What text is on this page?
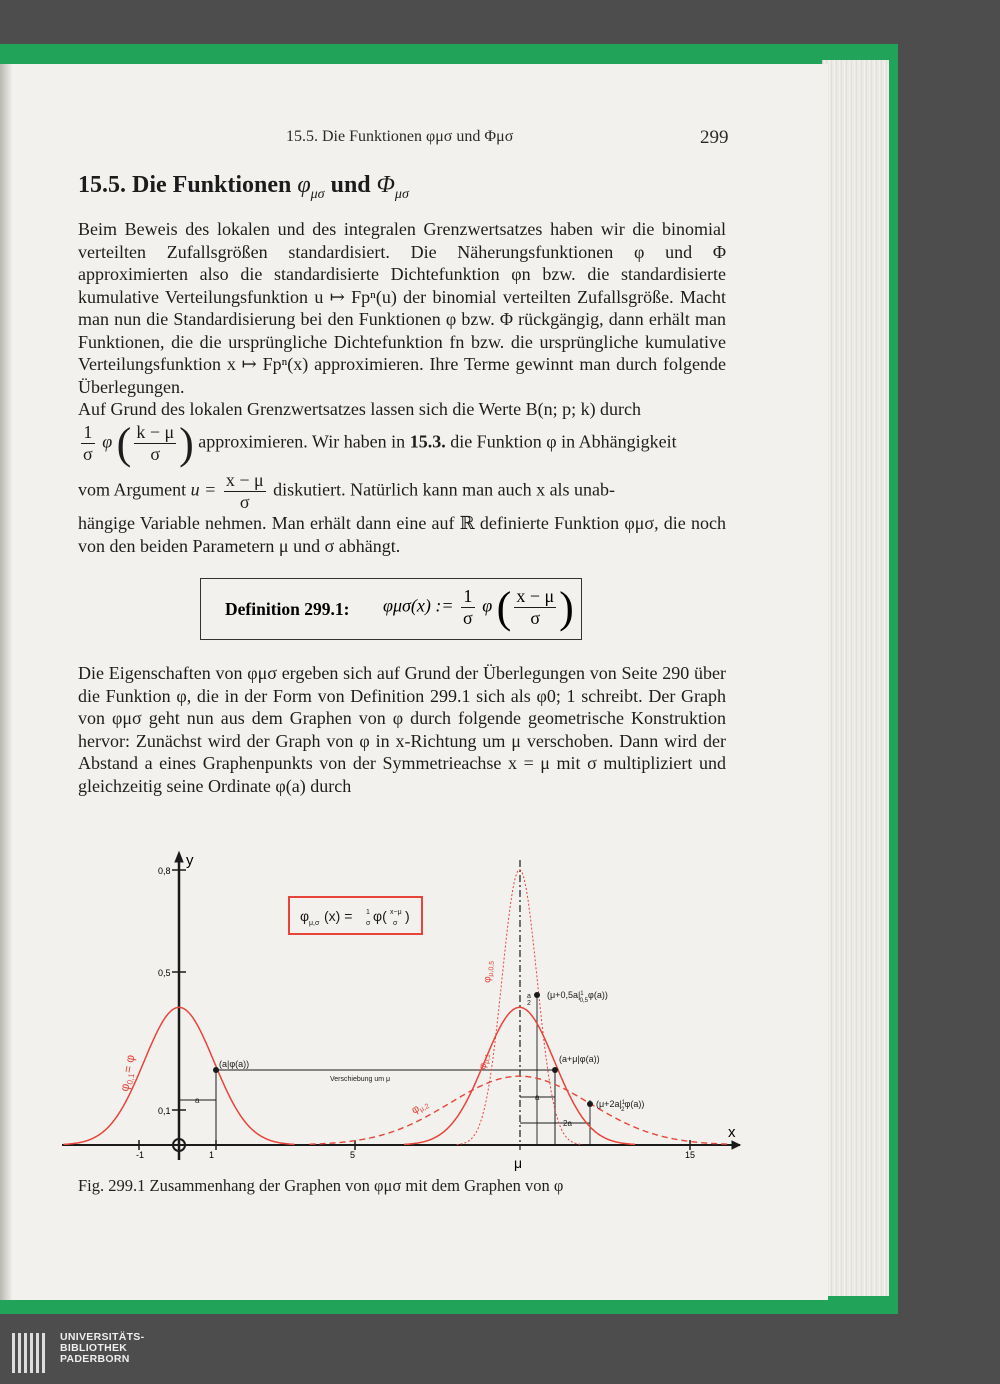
15.5. Die Funktionen φμσ und Φμσ	299
15.5. Die Funktionen $\varphi_{\mu\sigma}$ und $\Phi_{\mu\sigma}$
Beim Beweis des lokalen und des integralen Grenzwertsatzes haben wir die binomial verteilten Zufallsgrößen standardisiert. Die Näherungsfunktionen φ und Φ approximierten also die standardisierte Dichtefunktion φn bzw. die standardisierte kumulative Verteilungsfunktion u ↦ Fpⁿ(u) der binomial verteilten Zufallsgröße. Macht man nun die Standardisierung bei den Funktionen φ bzw. Φ rückgängig, dann erhält man Funktionen, die die ursprüngliche Dichtefunktion fn bzw. die ursprüngliche kumulative Verteilungsfunktion x ↦ Fpⁿ(x) approximieren. Ihre Terme gewinnt man durch folgende Überlegungen.
Auf Grund des lokalen Grenzwertsatzes lassen sich die Werte B(n; p; k) durch
$\frac{1}{\sigma}$ φ ( $\frac{k - \mu}{\sigma}$ ) approximieren. Wir haben in 15.3. die Funktion φ in Abhängigkeit
vom Argument $u = \frac{x - \mu}{\sigma}$ diskutiert. Natürlich kann man auch x als unab-
hängige Variable nehmen. Man erhält dann eine auf ℝ definierte Funktion φμσ, die noch von den beiden Parametern μ und σ abhängt.
Definition 299.1: φμσ(x) := $\frac{1}{\sigma}$ φ ( $\frac{x - \mu}{\sigma}$ )
Die Eigenschaften von φμσ ergeben sich auf Grund der Überlegungen von Seite 290 über die Funktion φ, die in der Form von Definition 299.1 sich als φ0; 1 schreibt. Der Graph von φμσ geht nun aus dem Graphen von φ durch folgende geometrische Konstruktion hervor: Zunächst wird der Graph von φ in x-Richtung um μ verschoben. Dann wird der Abstand a eines Graphenpunkts von der Symmetrieachse x = μ mit σ multipliziert und gleichzeitig seine Ordinate φ(a) durch
y
x
0,8
0,5
0,1
-1	1	5	15
μ
φ μ,σ (x) = 1
σ φ( x−μ
σ )
$\varphi_{0,1}= \varphi$
$\varphi_{\mu,0,5}$
$\varphi_{\mu,1}$
φμ,2
(a|φ(a))
Verschiebung um μ
(a+μ|φ(a))
($\mu+0,5a|^1$ 0,5φ(a))
($\mu+2a|^1$ 2φ(a))
a	a
2a
a
2
Fig. 299.1 Zusammenhang der Graphen von φμσ mit dem Graphen von φ
UNIVERSITÄTS-
BIBLIOTHEK
PADERBORN
